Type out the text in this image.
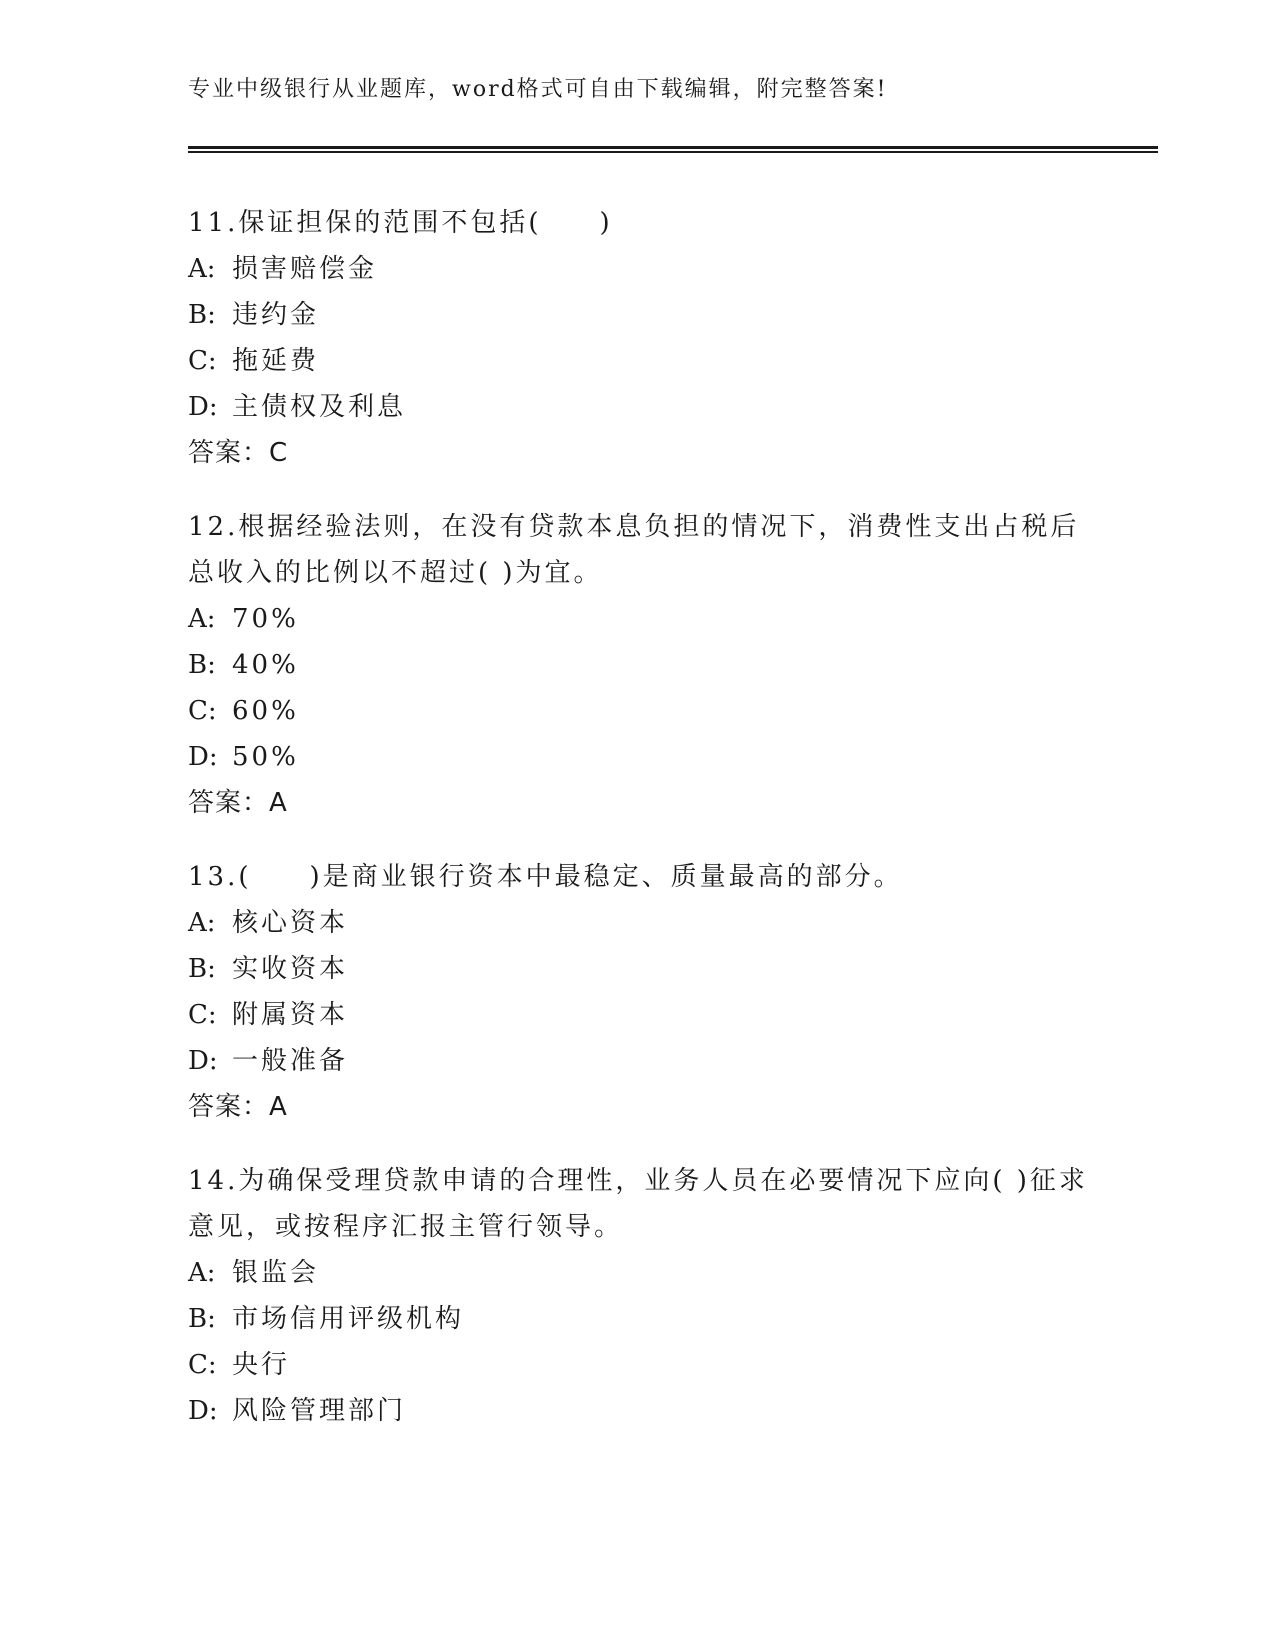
专业中级银行从业题库，word格式可自由下载编辑，附完整答案!

11.保证担保的范围不包括(　　)

A: 损害赔偿金

B: 违约金

C: 拖延费

D: 主债权及利息

答案：C

12.根据经验法则，在没有贷款本息负担的情况下，消费性支出占税后总收入的比例以不超过( )为宜。

A: 70%

B: 40%

C: 60%

D: 50%

答案：A

13.(　　)是商业银行资本中最稳定、质量最高的部分。

A: 核心资本

B: 实收资本

C: 附属资本

D: 一般准备

答案：A

14.为确保受理贷款申请的合理性，业务人员在必要情况下应向( )征求意见，或按程序汇报主管行领导。

A: 银监会

B: 市场信用评级机构

C: 央行

D: 风险管理部门
